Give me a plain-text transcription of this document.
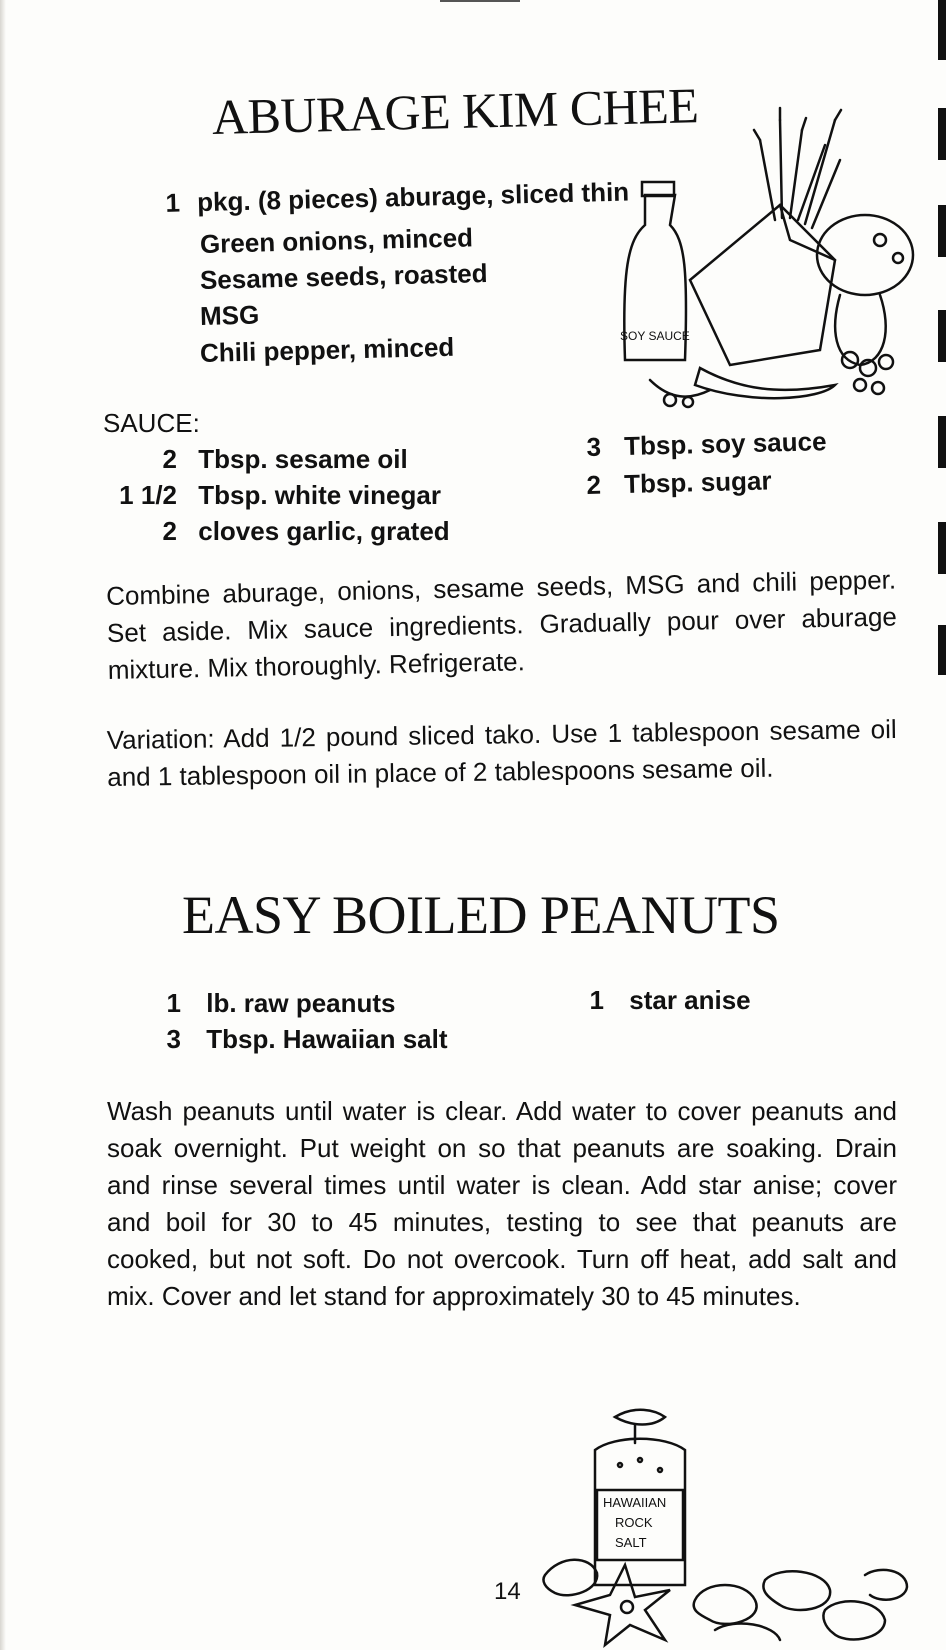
ABURAGE KIM CHEE
1 pkg. (8 pieces) aburage, sliced thin
Green onions, minced
Sesame seeds, roasted
MSG
Chili pepper, minced
SAUCE:
2 Tbsp. sesame oil
1 1/2 Tbsp. white vinegar
2 cloves garlic, grated
3 Tbsp. soy sauce
2 Tbsp. sugar

Combine aburage, onions, sesame seeds, MSG and chili pepper. Set aside. Mix sauce ingredients. Gradually pour over aburage mixture. Mix thoroughly. Refrigerate.

Variation: Add 1/2 pound sliced tako. Use 1 tablespoon sesame oil and 1 tablespoon oil in place of 2 tablespoons sesame oil.

SOY SAUCE
EASY BOILED PEANUTS
1 lb. raw peanuts
3 Tbsp. Hawaiian salt
1 star anise

Wash peanuts until water is clear. Add water to cover peanuts and soak overnight. Put weight on so that peanuts are soaking. Drain and rinse several times until water is clean. Add star anise; cover and boil for 30 to 45 minutes, testing to see that peanuts are cooked, but not soft. Do not overcook. Turn off heat, add salt and mix. Cover and let stand for approximately 30 to 45 minutes.

HAWAIIAN
ROCK
SALT
14
